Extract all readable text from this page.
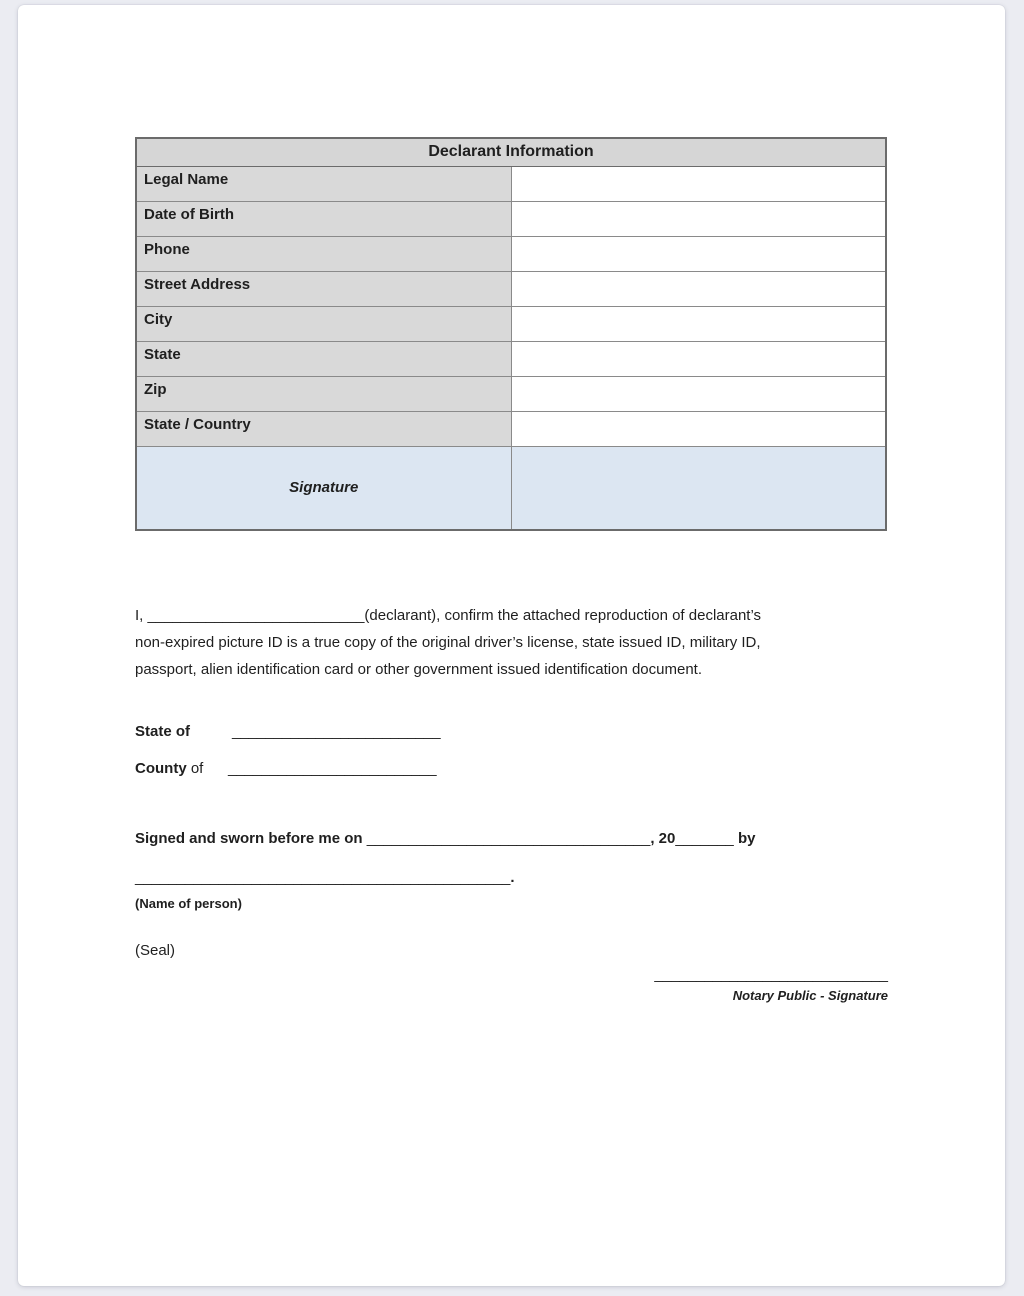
Declarant Information	
Legal Name	
Date of Birth	
Phone	
Street Address	
City	
State	
Zip	
State / Country	
Signature	
I, __________________________(declarant), confirm the attached reproduction of declarant’s
non-expired picture ID is a true copy of the original driver’s license, state issued ID, military ID,
passport, alien identification card or other government issued identification document.
State of	_________________________
County of _________________________
Signed and sworn before me on __________________________________, 20_______ by
_____________________________________________.
(Name of person)
(Seal)
____________________________
Notary Public - Signature
